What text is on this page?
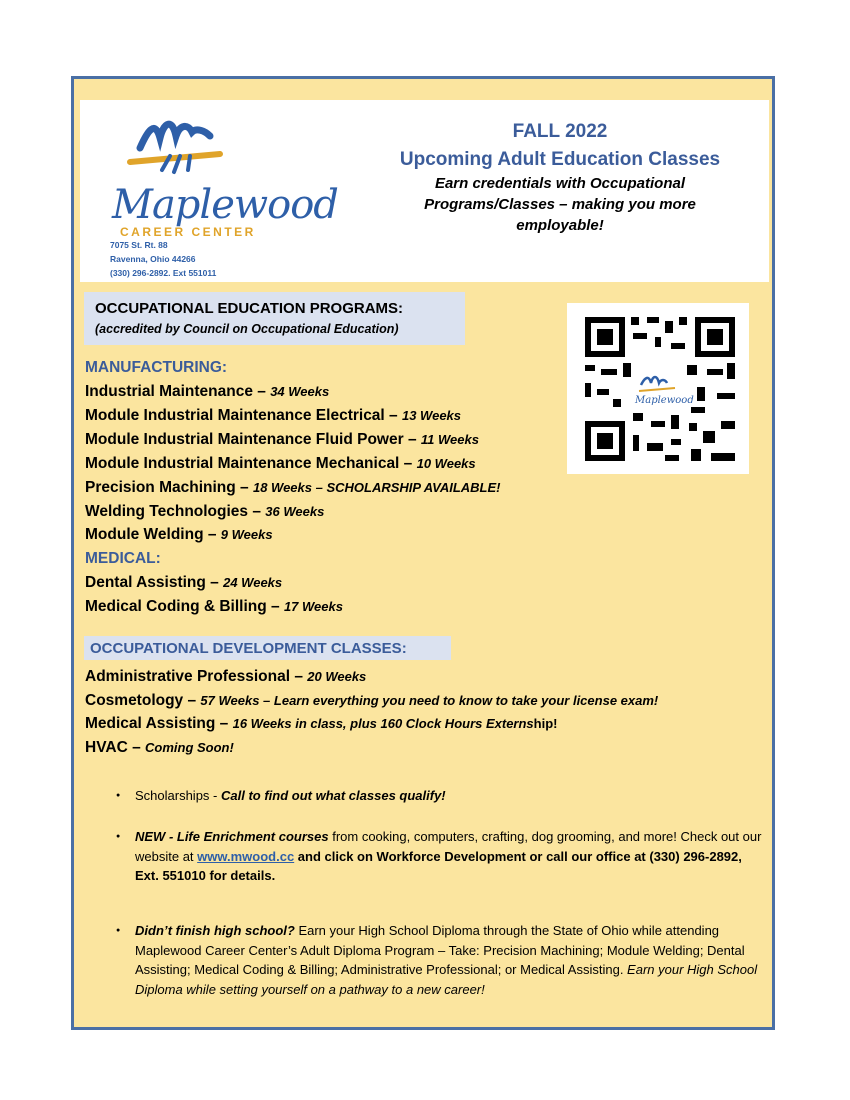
Maplewood
CAREER CENTER
7075 St. Rt. 88
Ravenna, Ohio 44266
(330) 296-2892. Ext 551011
FALL 2022
Upcoming Adult Education Classes
Earn credentials with Occupational
Programs/Classes – making you more
employable!
OCCUPATIONAL EDUCATION PROGRAMS:
(accredited by Council on Occupational Education)
Maplewood
MANUFACTURING:
Industrial Maintenance – 34 Weeks
Module Industrial Maintenance Electrical – 13 Weeks
Module Industrial Maintenance Fluid Power – 11 Weeks
Module Industrial Maintenance Mechanical – 10 Weeks
Precision Machining – 18 Weeks – SCHOLARSHIP AVAILABLE!
Welding Technologies – 36 Weeks
Module Welding – 9 Weeks
MEDICAL:
Dental Assisting – 24 Weeks
Medical Coding & Billing – 17 Weeks
OCCUPATIONAL DEVELOPMENT CLASSES:
Administrative Professional – 20 Weeks
Cosmetology – 57 Weeks – Learn everything you need to know to take your license exam!
Medical Assisting – 16 Weeks in class, plus 160 Clock Hours Externship!
HVAC – Coming Soon!
● Scholarships - Call to find out what classes qualify!
● NEW - Life Enrichment courses from cooking, computers, crafting, dog grooming, and more! Check out our website at www.mwood.cc and click on Workforce Development or call our office at (330) 296-2892, Ext. 551010 for details.
● Didn’t finish high school? Earn your High School Diploma through the State of Ohio while attending Maplewood Career Center’s Adult Diploma Program – Take: Precision Machining; Module Welding; Dental Assisting; Medical Coding & Billing; Administrative Professional; or Medical Assisting. Earn your High School Diploma while setting yourself on a pathway to a new career!
